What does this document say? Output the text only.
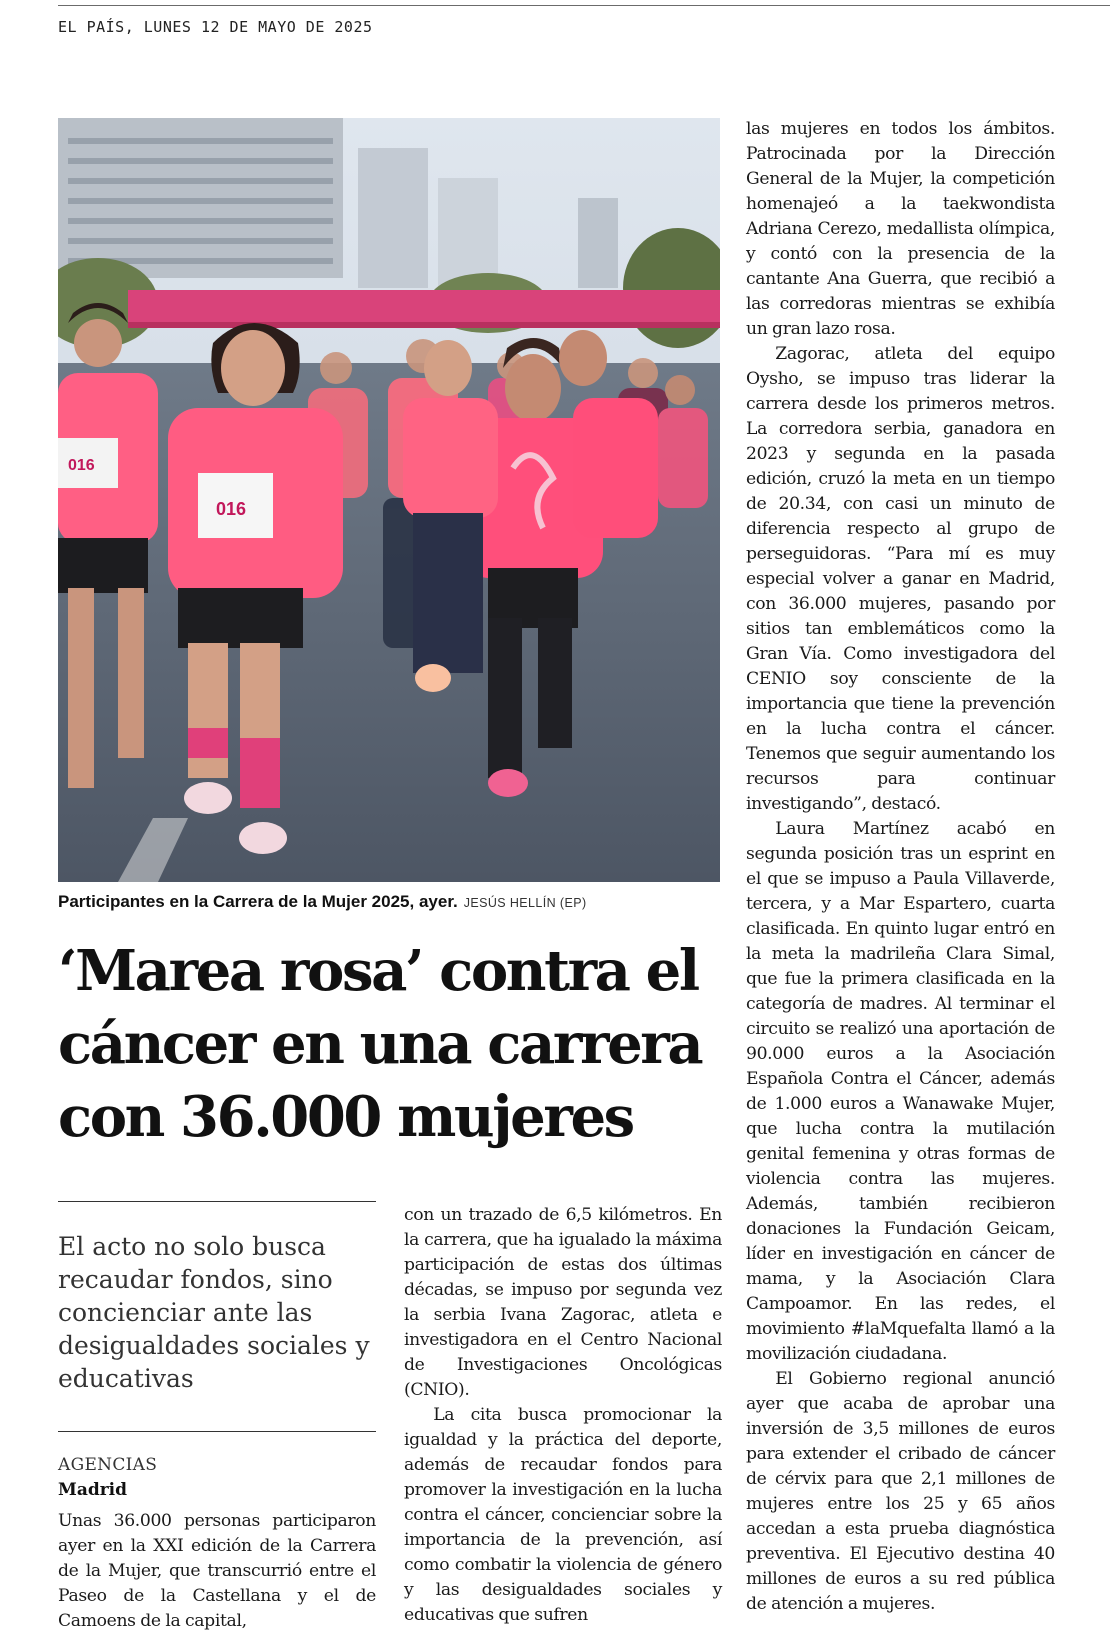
EL PAÍS, LUNES 12 DE MAYO DE 2025
016
016
Participantes en la Carrera de la Mujer 2025, ayer. JESÚS HELLÍN (EP)
‘Marea rosa’ contra el cáncer en una carrera con 36.000 mujeres
El acto no solo busca recaudar fondos, sino concienciar ante las desigualdades sociales y educativas
AGENCIAS
Madrid

Unas 36.000 personas participaron ayer en la XXI edición de la Carrera de la Mujer, que transcurrió entre el Paseo de la Castellana y el de Camoens de la capital,

con un trazado de 6,5 kilómetros. En la carrera, que ha igualado la máxima participación de estas dos últimas décadas, se impuso por segunda vez la serbia Ivana Zagorac, atleta e investigadora en el Centro Nacional de Investigaciones Oncológicas (CNIO).

La cita busca promocionar la igualdad y la práctica del deporte, además de recaudar fondos para promover la investigación en la lucha contra el cáncer, concienciar sobre la importancia de la prevención, así como combatir la violencia de género y las desigualdades sociales y educativas que sufren

las mujeres en todos los ámbitos. Patrocinada por la Dirección General de la Mujer, la competición homenajeó a la taekwondista Adriana Cerezo, medallista olímpica, y contó con la presencia de la cantante Ana Guerra, que recibió a las corredoras mientras se exhibía un gran lazo rosa.

Zagorac, atleta del equipo Oysho, se impuso tras liderar la carrera desde los primeros metros. La corredora serbia, ganadora en 2023 y segunda en la pasada edición, cruzó la meta en un tiempo de 20.34, con casi un minuto de diferencia respecto al grupo de perseguidoras. “Para mí es muy especial volver a ganar en Madrid, con 36.000 mujeres, pasando por sitios tan emblemáticos como la Gran Vía. Como investigadora del CENIO soy consciente de la importancia que tiene la prevención en la lucha contra el cáncer. Tenemos que seguir aumentando los recursos para continuar investigando”, destacó.

Laura Martínez acabó en segunda posición tras un esprint en el que se impuso a Paula Villaverde, tercera, y a Mar Espartero, cuarta clasificada. En quinto lugar entró en la meta la madrileña Clara Simal, que fue la primera clasificada en la categoría de madres. Al terminar el circuito se realizó una aportación de 90.000 euros a la Asociación Española Contra el Cáncer, además de 1.000 euros a Wanawake Mujer, que lucha contra la mutilación genital femenina y otras formas de violencia contra las mujeres. Además, también recibieron donaciones la Fundación Geicam, líder en investigación en cáncer de mama, y la Asociación Clara Campoamor. En las redes, el movimiento #laMquefalta llamó a la movilización ciudadana.

El Gobierno regional anunció ayer que acaba de aprobar una inversión de 3,5 millones de euros para extender el cribado de cáncer de cérvix para que 2,1 millones de mujeres entre los 25 y 65 años accedan a esta prueba diagnóstica preventiva. El Ejecutivo destina 40 millones de euros a su red pública de atención a mujeres.
